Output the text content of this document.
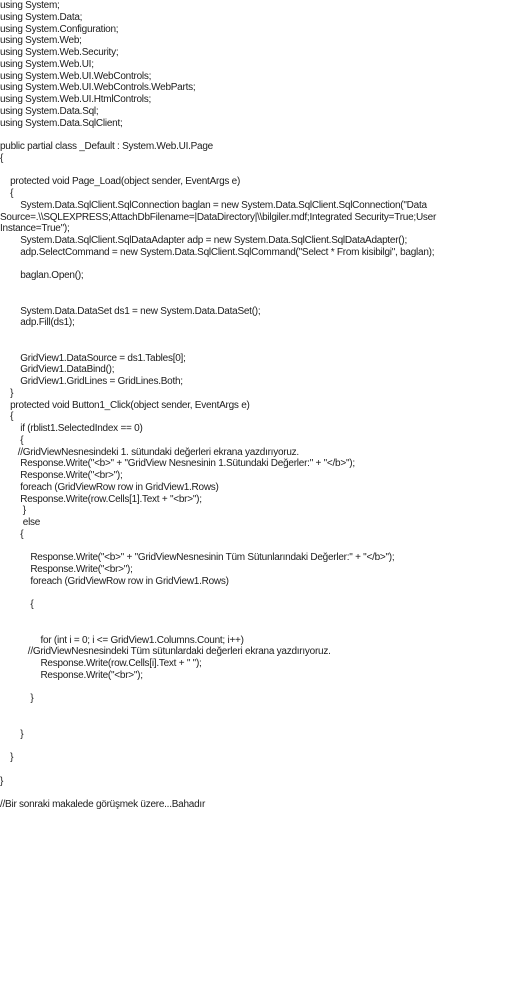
using System;
using System.Data;
using System.Configuration;
using System.Web;
using System.Web.Security;
using System.Web.UI;
using System.Web.UI.WebControls;
using System.Web.UI.WebControls.WebParts;
using System.Web.UI.HtmlControls;
using System.Data.Sql;
using System.Data.SqlClient;
public partial class _Default : System.Web.UI.Page
{
protected void Page_Load(object sender, EventArgs e)
{
System.Data.SqlClient.SqlConnection baglan = new System.Data.SqlClient.SqlConnection("Data
Source=.\\SQLEXPRESS;AttachDbFilename=|DataDirectory|\\bilgiler.mdf;Integrated Security=True;User
Instance=True");
System.Data.SqlClient.SqlDataAdapter adp = new System.Data.SqlClient.SqlDataAdapter();
adp.SelectCommand = new System.Data.SqlClient.SqlCommand("Select * From kisibilgi", baglan);
baglan.Open();
System.Data.DataSet ds1 = new System.Data.DataSet();
adp.Fill(ds1);
GridView1.DataSource = ds1.Tables[0];
GridView1.DataBind();
GridView1.GridLines = GridLines.Both;
}
protected void Button1_Click(object sender, EventArgs e)
{
if (rblist1.SelectedIndex == 0)
{
//GridViewNesnesindeki 1. sütundaki değerleri ekrana yazdırıyoruz.
Response.Write("<b>" + "GridView Nesnesinin 1.Sütundaki Değerler:" + "</b>");
Response.Write("<br>");
foreach (GridViewRow row in GridView1.Rows)
Response.Write(row.Cells[1].Text + "<br>");
}
else
{
Response.Write("<b>" + "GridViewNesnesinin Tüm Sütunlarındaki Değerler:" + "</b>");
Response.Write("<br>");
foreach (GridViewRow row in GridView1.Rows)
{
for (int i = 0; i <= GridView1.Columns.Count; i++)
//GridViewNesnesindeki Tüm sütunlardaki değerleri ekrana yazdırıyoruz.
Response.Write(row.Cells[i].Text + " ");
Response.Write("<br>");
}
}
}
}
//Bir sonraki makalede görüşmek üzere...Bahadır
